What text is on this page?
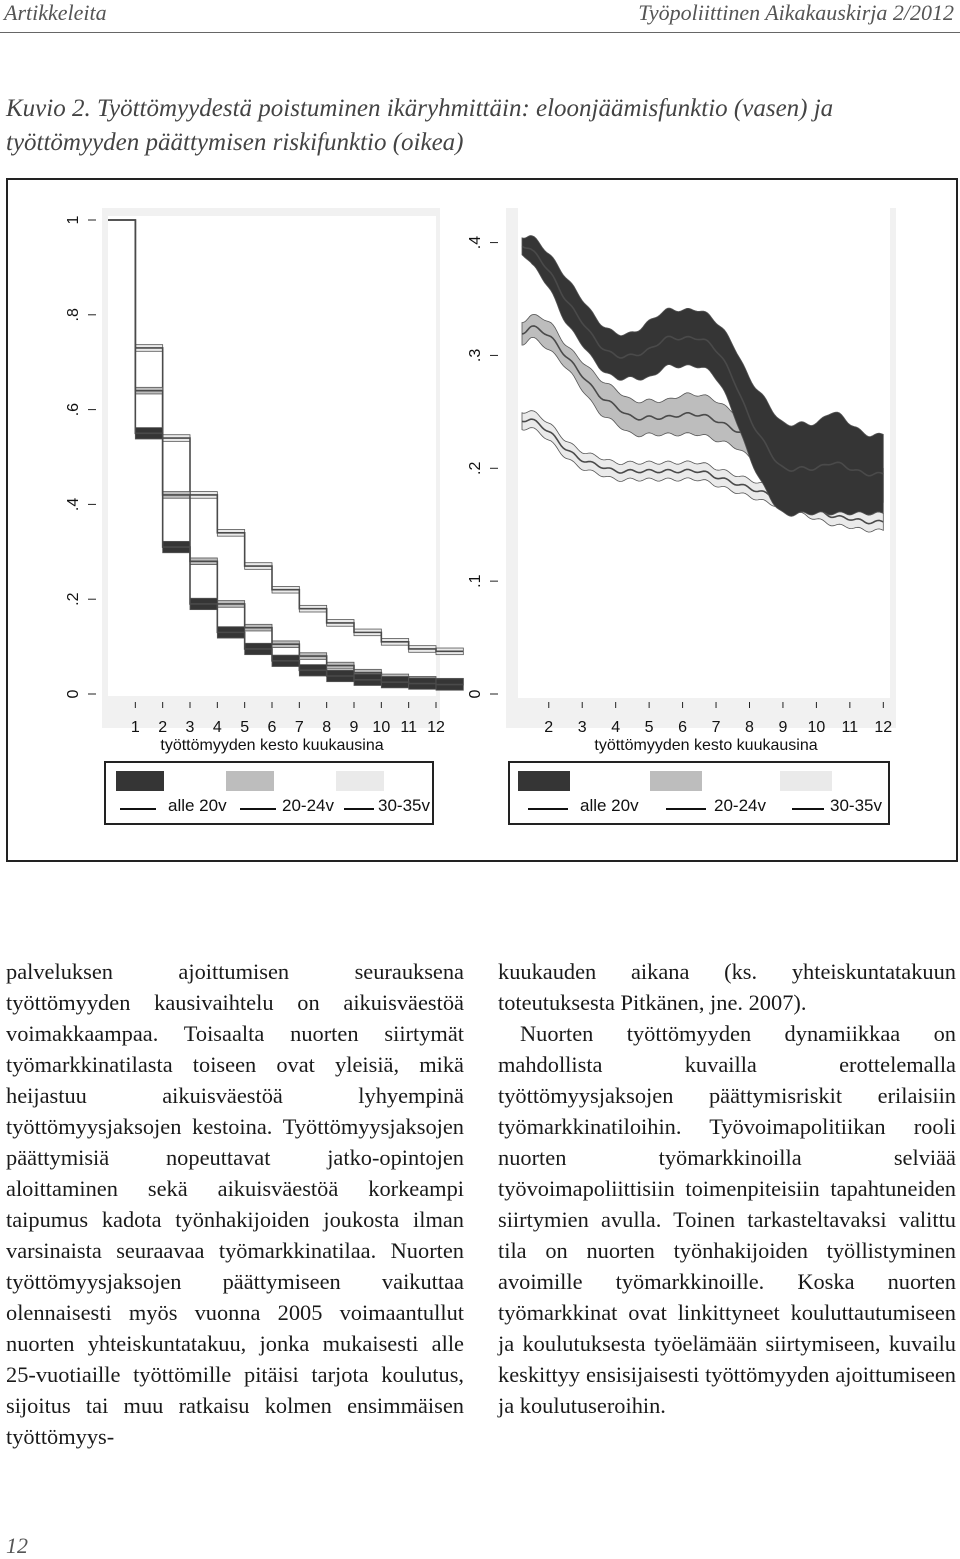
Artikkeleita	Työpoliittinen Aikakauskirja 2/2012
Kuvio 2. Työttömyydestä poistuminen ikäryhmittäin: eloonjäämisfunktio (vasen) ja työttömyyden päättymisen riskifunktio (oikea)
0
.2
.4
.6
.8
1
1 2 3 4 5 6 7 8 9 10 11 12
työttömyyden kesto kuukausina
0
.1
.2
.3
.4
2 3 4 5 6 7 8 9 10 11 12
työttömyyden kesto kuukausina
alle 20v	20-24v	30-35v	alle 20v	20-24v	30-35v

palveluksen ajoittumisen seurauksena työttömyyden kausivaihtelu on aikuisväestöä voimakkaampaa. Toisaalta nuorten siirtymät työmarkkinatilasta toiseen ovat yleisiä, mikä heijastuu aikuisväestöä lyhyempinä työttömyysjaksojen kestoina. Työttömyysjaksojen päättymisiä nopeuttavat jatko-opintojen aloittaminen sekä aikuisväestöä korkeampi taipumus kadota työnhakijoiden joukosta ilman varsinaista seuraavaa työmarkkinatilaa. Nuorten työttömyysjaksojen päättymiseen vaikuttaa olennaisesti myös vuonna 2005 voimaantullut nuorten yhteiskuntatakuu, jonka mukaisesti alle 25-vuotiaille työttömille pitäisi tarjota koulutus, sijoitus tai muu ratkaisu kolmen ensimmäisen työttömyys-

kuukauden aikana (ks. yhteiskuntatakuun toteutuksesta Pitkänen, jne. 2007).

Nuorten työttömyyden dynamiikkaa on mahdollista kuvailla erottelemalla työttömyysjaksojen päättymisriskit erilaisiin työmarkkinatiloihin. Työvoimapolitiikan rooli nuorten työmarkkinoilla selviää työvoimapoliittisiin toimenpiteisiin tapahtuneiden siirtymien avulla. Toinen tarkasteltavaksi valittu tila on nuorten työnhakijoiden työllistyminen avoimille työmarkkinoille. Koska nuorten työmarkkinat ovat linkittyneet kouluttautumiseen ja koulutuksesta työelämään siirtymiseen, kuvailu keskittyy ensisijaisesti työttömyyden ajoittumiseen ja koulutuseroihin.

12
